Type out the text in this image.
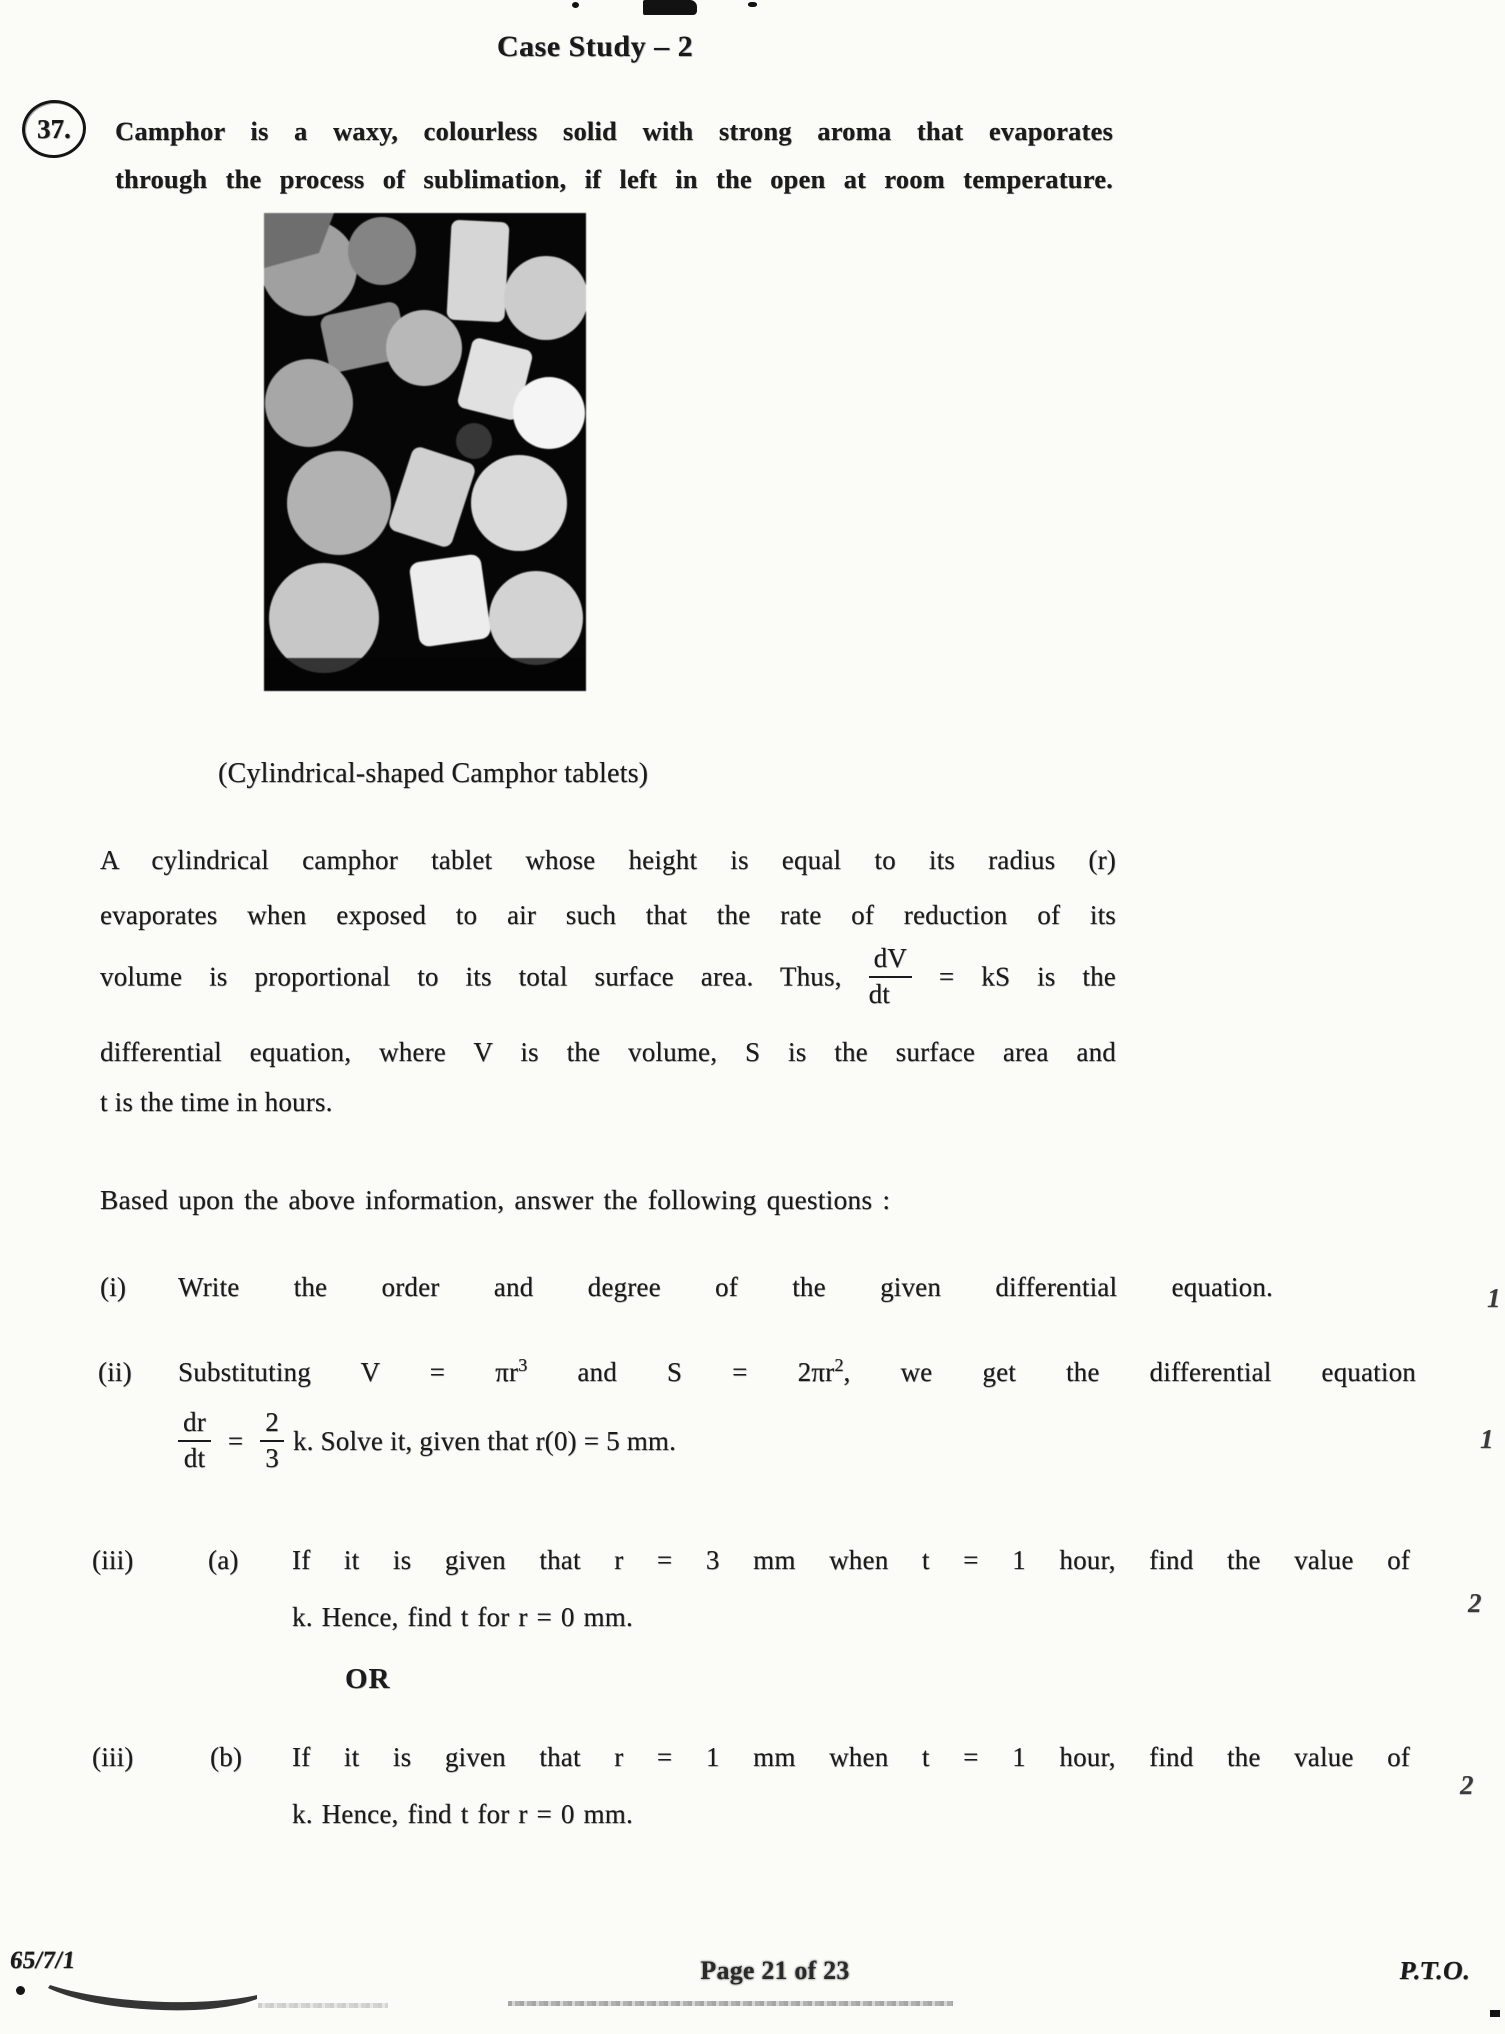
Case Study – 2
37. Camphor is a waxy, colourless solid with strong aroma that evaporates
through the process of sublimation, if left in the open at room temperature.
(Cylindrical-shaped Camphor tablets)
A cylindrical camphor tablet whose height is equal to its radius (r)
evaporates when exposed to air such that the rate of reduction of its
volume is proportional to its total surface area. Thus, $\frac{dV}{dt}$ = kS is the
differential equation, where V is the volume, S is the surface area and
t is the time in hours.
Based upon the above information, answer the following questions :
(i) Write the order and degree of the given differential equation.	1
(ii) Substituting $V = \pi r^3$ and $S = 2\pi r^2$, we get the differential equation
$\frac{dr}{dt} = \frac{2}{3} k$. Solve it, given that r(0) = 5 mm.	1
(iii)	(a) If it is given that r = 3 mm when t = 1 hour, find the value of
k. Hence, find t for r = 0 mm.	2
OR
(iii)	(b) If it is given that r = 1 mm when t = 1 hour, find the value of
k. Hence, find t for r = 0 mm.
2
65/7/1	Page 21 of 23	P.T.O.
